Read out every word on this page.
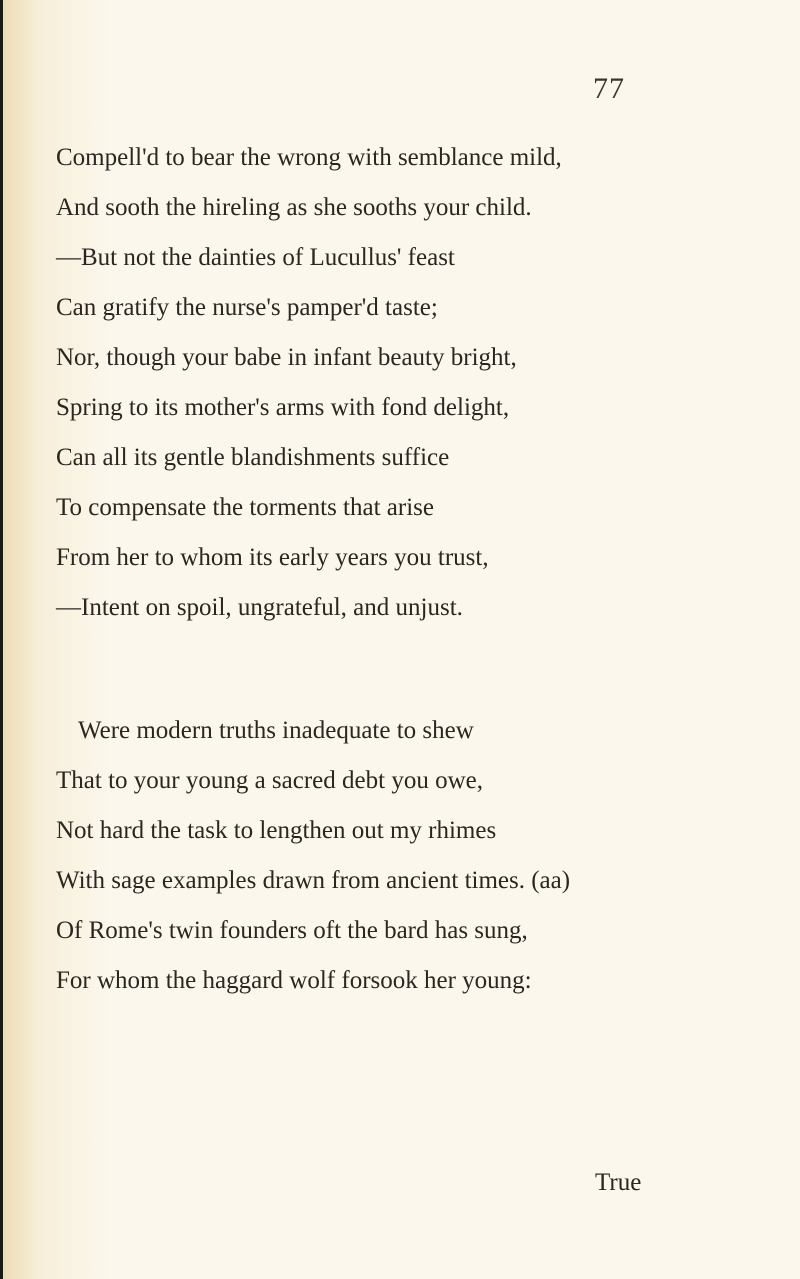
77
Compell'd to bear the wrong with semblance mild,
And sooth the hireling as she sooths your child.
—But not the dainties of Lucullus' feast
Can gratify the nurse's pamper'd taste;
Nor, though your babe in infant beauty bright,
Spring to its mother's arms with fond delight,
Can all its gentle blandishments suffice
To compensate the torments that arise
From her to whom its early years you trust,
—Intent on spoil, ungrateful, and unjust.
Were modern truths inadequate to shew
That to your young a sacred debt you owe,
Not hard the task to lengthen out my rhimes
With sage examples drawn from ancient times. (aa)
Of Rome's twin founders oft the bard has sung,
For whom the haggard wolf forsook her young:
True
